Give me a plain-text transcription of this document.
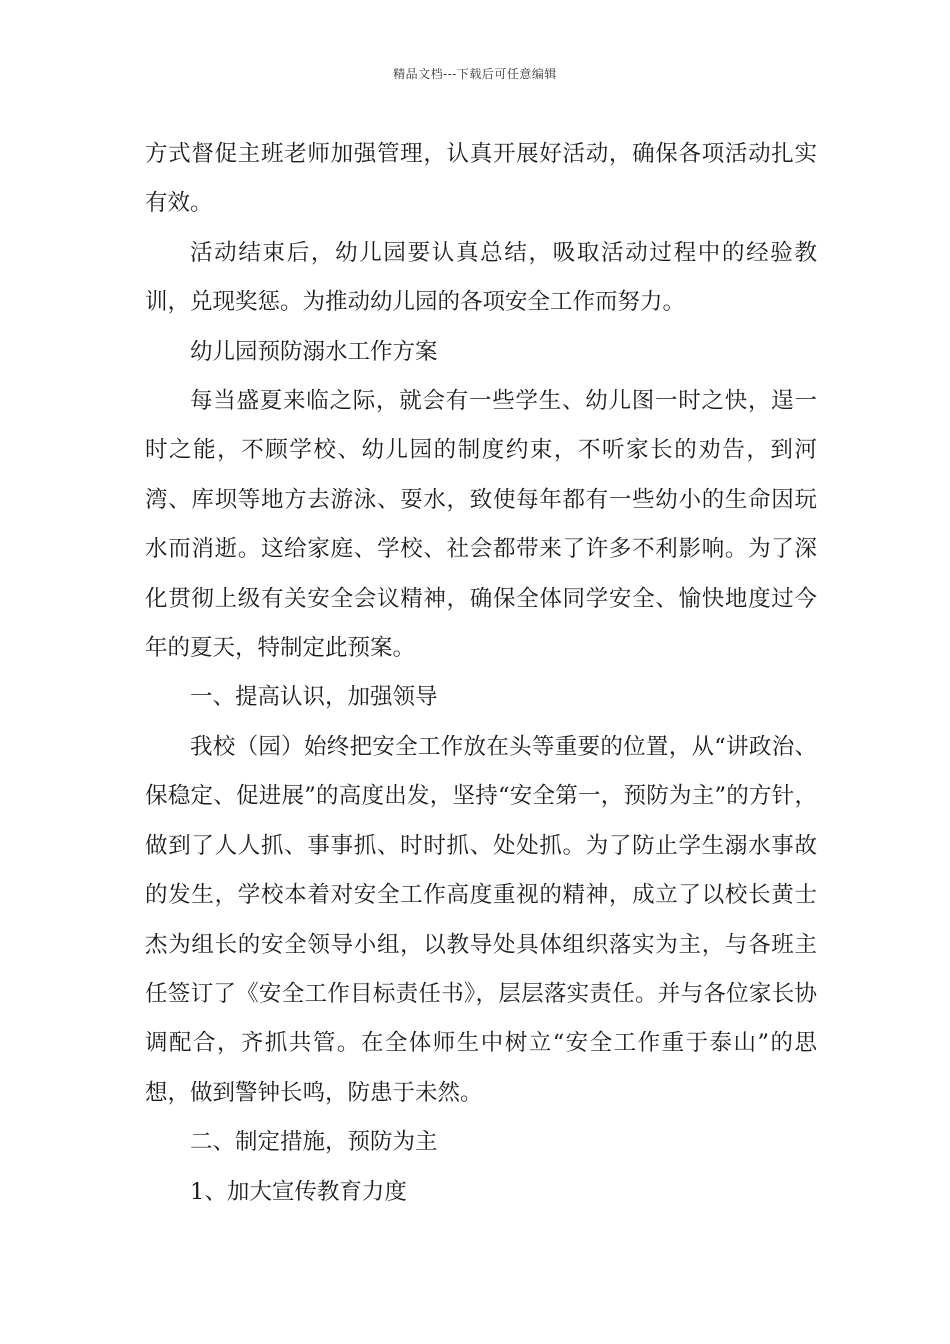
精品文档---下载后可任意编辑

方式督促主班老师加强管理，认真开展好活动，确保各项活动扎实有效。

活动结束后，幼儿园要认真总结，吸取活动过程中的经验教训，兑现奖惩。为推动幼儿园的各项安全工作而努力。

幼儿园预防溺水工作方案

每当盛夏来临之际，就会有一些学生、幼儿图一时之快，逞一时之能，不顾学校、幼儿园的制度约束，不听家长的劝告，到河湾、库坝等地方去游泳、耍水，致使每年都有一些幼小的生命因玩水而消逝。这给家庭、学校、社会都带来了许多不利影响。为了深化贯彻上级有关安全会议精神，确保全体同学安全、愉快地度过今年的夏天，特制定此预案。

一、提高认识，加强领导

我校（园）始终把安全工作放在头等重要的位置，从“讲政治、保稳定、促进展”的高度出发，坚持“安全第一，预防为主”的方针，做到了人人抓、事事抓、时时抓、处处抓。为了防止学生溺水事故的发生，学校本着对安全工作高度重视的精神，成立了以校长黄士杰为组长的安全领导小组，以教导处具体组织落实为主，与各班主任签订了《安全工作目标责任书》，层层落实责任。并与各位家长协调配合，齐抓共管。在全体师生中树立“安全工作重于泰山”的思想，做到警钟长鸣，防患于未然。

二、制定措施，预防为主

1、加大宣传教育力度
